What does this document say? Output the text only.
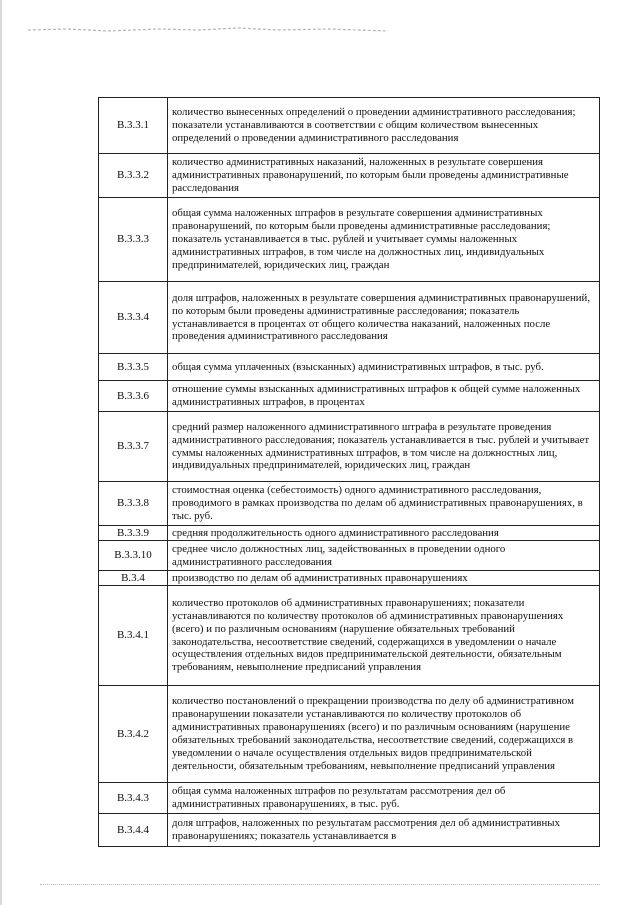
В.3.3.1	количество вынесенных определений о проведении административного расследования; показатели устанавливаются в соответствии с общим количеством вынесенных определений о проведении административного расследования

В.3.3.2	количество административных наказаний, наложенных в результате совершения административных правонарушений, по которым были проведены административные расследования

В.3.3.3	общая сумма наложенных штрафов в результате совершения административных правонарушений, по которым были проведены административные расследования; показатель устанавливается в тыс. рублей и учитывает суммы наложенных административных штрафов, в том числе на должностных лиц, индивидуальных предпринимателей, юридических лиц, граждан

В.3.3.4	доля штрафов, наложенных в результате совершения административных правонарушений, по которым были проведены административные расследования; показатель устанавливается в процентах от общего количества наказаний, наложенных после проведения административного расследования

В.3.3.5	общая сумма уплаченных (взысканных) административных штрафов, в тыс. руб.

В.3.3.6	отношение суммы взысканных административных штрафов к общей сумме наложенных административных штрафов, в процентах

В.3.3.7	средний размер наложенного административного штрафа в результате проведения административного расследования; показатель устанавливается в тыс. рублей и учитывает суммы наложенных административных штрафов, в том числе на должностных лиц, индивидуальных предпринимателей, юридических лиц, граждан

В.3.3.8	стоимостная оценка (себестоимость) одного административного расследования, проводимого в рамках производства по делам об административных правонарушениях, в тыс. руб.

В.3.3.9	средняя продолжительность одного административного расследования

В.3.3.10	среднее число должностных лиц, задействованных в проведении одного административного расследования

В.3.4	производство по делам об административных правонарушениях

В.3.4.1	количество протоколов об административных правонарушениях; показатели устанавливаются по количеству протоколов об административных правонарушениях (всего) и по различным основаниям (нарушение обязательных требований законодательства, несоответствие сведений, содержащихся в уведомлении о начале осуществления отдельных видов предпринимательской деятельности, обязательным требованиям, невыполнение предписаний управления

В.3.4.2	количество постановлений о прекращении производства по делу об административном правонарушении показатели устанавливаются по количеству протоколов об административных правонарушениях (всего) и по различным основаниям (нарушение обязательных требований законодательства, несоответствие сведений, содержащихся в уведомлении о начале осуществления отдельных видов предпринимательской деятельности, обязательным требованиям, невыполнение предписаний управления

В.3.4.3	общая сумма наложенных штрафов по результатам рассмотрения дел об административных правонарушениях, в тыс. руб.

В.3.4.4	доля штрафов, наложенных по результатам рассмотрения дел об административных правонарушениях; показатель устанавливается в
